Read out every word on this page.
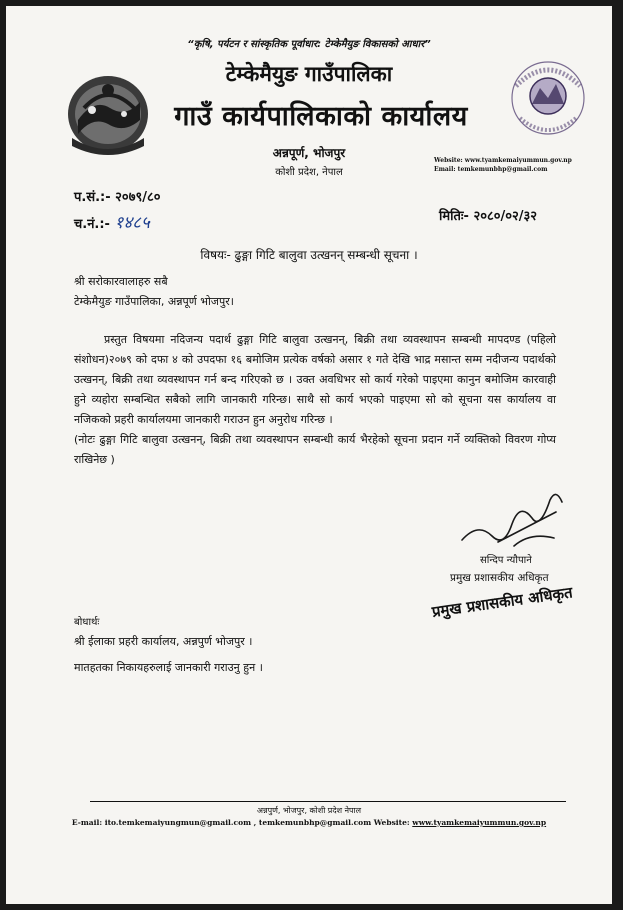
“कृषि, पर्यटन र सांस्कृतिक पूर्वाधार: टेम्केमैयुङ विकासको आधार”
टेम्केमैयुङ गाउँपालिका
गाउँ कार्यपालिकाको कार्यालय
अन्नपूर्ण, भोजपुर
कोशी प्रदेश, नेपाल
Website: www.tyamkemaiyummun.gov.np
Email: temkemunbhp@gmail.com
प.सं.:- २०७९/८०
च.नं.:- १४८५	मितिः- २०८०/०२/३२
विषयः- ढुङ्गा गिटि बालुवा उत्खनन् सम्बन्धी सूचना ।
श्री सरोकारवालाहरु सबै
टेम्केमैयुङ गाउँपालिका, अन्नपूर्ण भोजपुर।
प्रस्तुत विषयमा नदिजन्य पदार्थ ढुङ्गा गिटि बालुवा उत्खनन्, बिक्री तथा व्यवस्थापन सम्बन्धी मापदण्ड (पहिलो संशोधन)२०७९ को दफा ४ को उपदफा १६ बमोजिम प्रत्येक वर्षको असार १ गते देखि भाद्र मसान्त सम्म नदीजन्य पदार्थको उत्खनन्, बिक्री तथा व्यवस्थापन गर्न बन्द गरिएको छ । उक्त अवधिभर सो कार्य गरेको पाइएमा कानुन बमोजिम कारवाही हुने व्यहोरा सम्बन्धित सबैको लागि जानकारी गरिन्छ। साथै सो कार्य भएको पाइएमा सो को सूचना यस कार्यालय वा नजिकको प्रहरी कार्यालयमा जानकारी गराउन हुन अनुरोध गरिन्छ ।
(नोटः ढुङ्गा गिटि बालुवा उत्खनन्, बिक्री तथा व्यवस्थापन सम्बन्धी कार्य भैरहेको सूचना प्रदान गर्ने व्यक्तिको विवरण गोप्य राखिनेछ )
सन्दिप न्यौपाने
प्रमुख प्रशासकीय अधिकृत
प्रमुख प्रशासकीय अधिकृत
बोधार्थः
श्री ईलाका प्रहरी कार्यालय, अन्नपुर्ण भोजपुर ।
मातहतका निकायहरुलाई जानकारी गराउनु हुन ।
अन्नपुर्ण, भोजपुर, कोशी प्रदेश नेपाल
E-mail: ito.temkemaiyungmun@gmail.com , temkemunbhp@gmail.com Website: www.tyamkemaiyummun.gov.np
